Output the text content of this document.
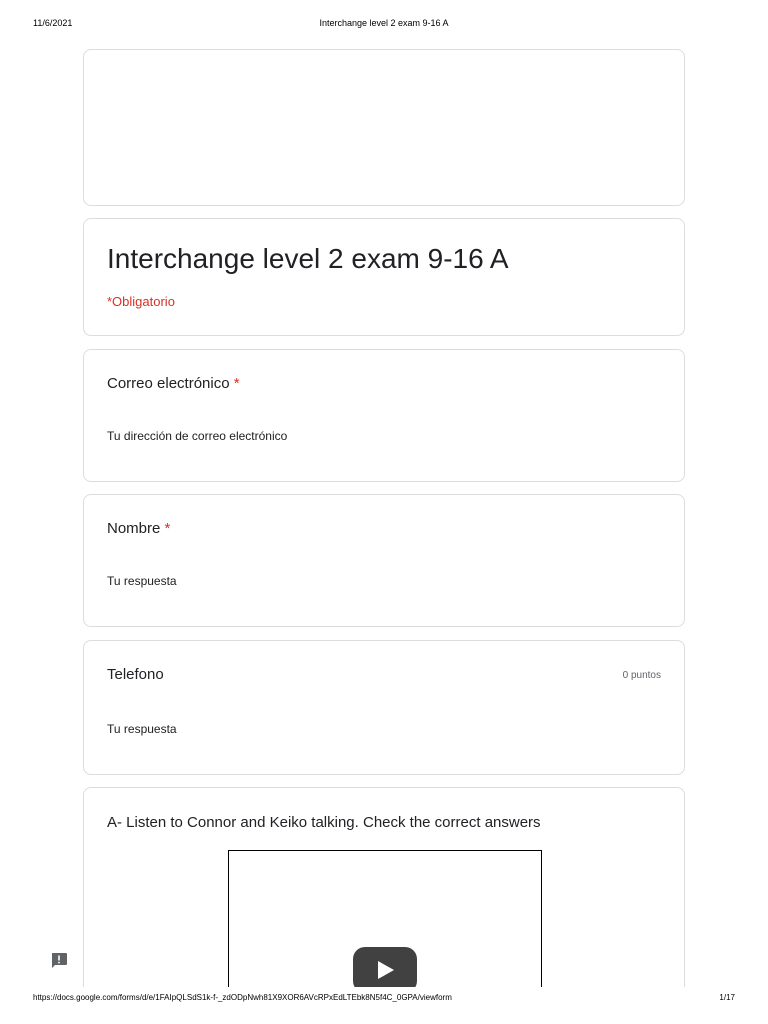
11/6/2021	Interchange level 2 exam 9-16 A
Interchange level 2 exam 9-16 A
*Obligatorio
Correo electrónico *
Tu dirección de correo electrónico
Nombre *
Tu respuesta
Telefono	0 puntos
Tu respuesta
A- Listen to Connor and Keiko talking. Check the correct answers
https://docs.google.com/forms/d/e/1FAIpQLSdS1k-f-_zdODpNwh81X9XOR6AVcRPxEdLTEbk8N5f4C_0GPA/viewform	1/17
